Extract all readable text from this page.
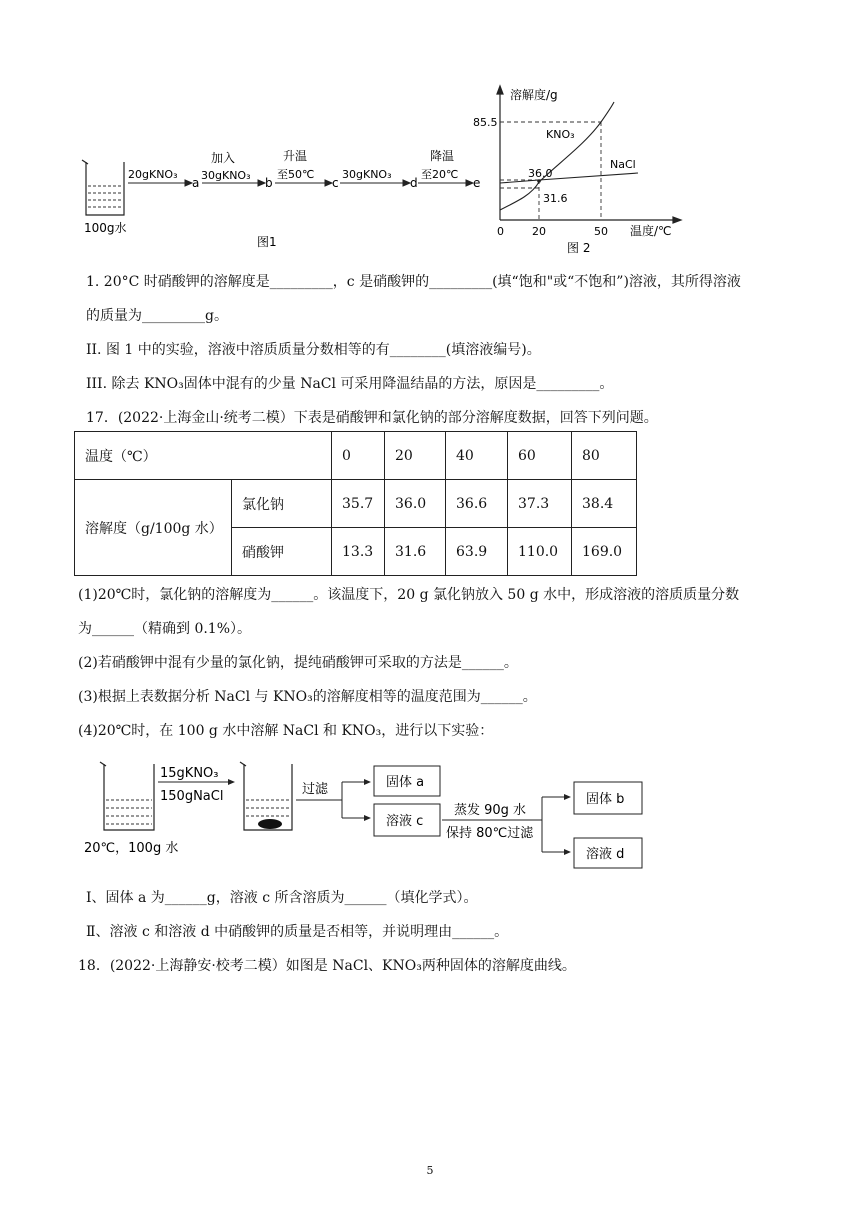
100g水
20gKNO₃
a
加入
30gKNO₃
b
升温
至50℃
c
30gKNO₃
d
降温
至20℃
e
图1
溶解度/g
温度/℃
KNO₃
NaCl
85.5
36.0
31.6
0	20	50
图 2
1. 20°C 时硝酸钾的溶解度是_________，c 是硝酸钾的_________(填“饱和"或“不饱和”)溶液，其所得溶液
的质量为_________g。
II. 图 1 中的实验，溶液中溶质质量分数相等的有________(填溶液编号)。
III. 除去 KNO₃固体中混有的少量 NaCl 可采用降温结晶的方法，原因是_________。
17．(2022·上海金山·统考二模）下表是硝酸钾和氯化钠的部分溶解度数据，回答下列问题。
温度（℃）		0	20	40	60	80
溶解度（g/100g 水）	氯化钠	35.7	36.0	36.6	37.3	38.4
	硝酸钾	13.3	31.6	63.9	110.0	169.0
(1)20℃时，氯化钠的溶解度为______。该温度下，20 g 氯化钠放入 50 g 水中，形成溶液的溶质质量分数
为______（精确到 0.1%）。
(2)若硝酸钾中混有少量的氯化钠，提纯硝酸钾可采取的方法是______。
(3)根据上表数据分析 NaCl 与 KNO₃的溶解度相等的温度范围为______。
(4)20℃时，在 100 g 水中溶解 NaCl 和 KNO₃，进行以下实验：
15gKNO₃
150gNaCl	过滤	固体 a
溶液 c
蒸发 90g 水
保持 80℃过滤
固体 b
溶液 d
20℃，100g 水
Ⅰ、固体 a 为______g，溶液 c 所含溶质为______（填化学式）。
Ⅱ、溶液 c 和溶液 d 中硝酸钾的质量是否相等，并说明理由______。
18．(2022·上海静安·校考二模）如图是 NaCl、KNO₃两种固体的溶解度曲线。
5
